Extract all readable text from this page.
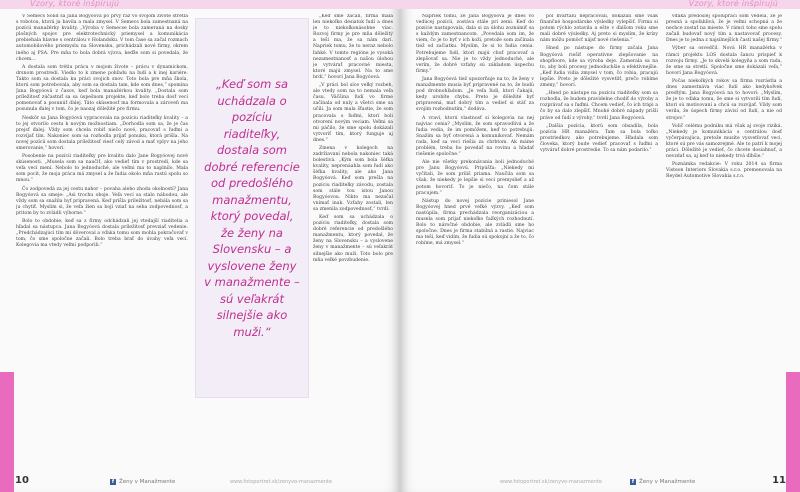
Vzory, ktoré inšpirujú

V Semecs Solid sa Jana Bogyóová po prvý raz vo svojom živote stretla s robotou, ktorá ju bavila a mala zmysel. V Semecs bola zamestnaná na pozícii manažérky kvality. „Výroba v Semecse bola zameraná na dosky plošných spojov pre elektrotechnický priemysel a komunikácia prebiehala hlavne s centrálou v Holandsku. V tom čase sa začal rozmach automobilového priemyslu na Slovensku, prichádzali nové firmy, okrem iného aj PSA. Pre mňa to bola dobrá výzva, keďže som si povedala, že chcem...

A dostala som trétiu prácu v mojom živote – prácu v dynamickom, drsnom prostredí. Viedlo to k zmene pohľadu na ľudí a k inej kariére. Takto som sa dostala ku práci svojich snov. Toto bola pre mňa škola, ktorú som potrebovala, aby som sa dostala tam, kde som dnes,“ spomína Jana Bogyóová z časov, keď bola manažérkou kvality. „Dostala som príležitosť zúčastniť sa sa úspešnom projekte, keď bolo treba dosť vecí pomenovať a posunúť ďalej. Táto skúsenosť ma formovala a zároveň ma posunula ďalej v tom, čo je naozaj dôležité pre firmu.

Neskôr sa Jana Bogyóová vypracovala na pozíciu riaditeľky kvality – a to jej otvorilo cestu k novým možnostiam. „Dorhodla som sa, že je čas prejsť ďalej. Vždy som chcela robiť niečo nové, pracovať s ľuďmi a rozvíjať tím. Nakoniec som sa rozhodla prijať ponuku, ktorá prišla. Na novej pozícii som dostala príležitosť viesť celý závod a mať vplyv na jeho smerovanie,“ hovorí.

Posobenie na pozícii riaditeľky pre kvalitu dalo Jane Bogyóovej nové skúsenosti. „Musela som sa naučiť, ako vedieť tím v prostredí, kde sa veľa vecí mení. Nebolo to jednoduché, ale veľmi ma to naplnilo. Mala som pocit, že moja práca má zmysel a že ľudia okolo mňa rastú spolu so mnou.“

Čo zodpovedá za jej cestu nahor – povaha alebo zhoda okolností? Jana Bogyóová sa smeje: „Asi trochu oboje. Veľa vecí sa stalo náhodou, ale vždy som sa snažila byť pripravená. Keď prišla príležitosť, nebála som sa ju chytiť. Myslím si, že veľa žien sa bojí vziať na seba zodpovednosť, a pritom by to zvládli výborne.“

Bolo to obdobie, keď sa z firmy odchádzali jej vtedajší riaditelia a hľadal sa nástupca. Jana Bogyóová dostala príležitosť prevziať vedenie. „Predchádzajúci tím mi dôveroval a vďaka tomu som mohla pokračovať v tom, čo sme spoločne začali. Bolo treba brať do úvahy veľa vecí. Kolegovia ma vtedy veľmi podporili.“

„Keď som sa uchádzala o pozíciu riaditeľky, dostala som dobré referencie od predošlého manažmentu, ktorý povedal, že ženy na Slovensku – a vyslovene ženy v manažmente – sú veľakrát silnejšie ako muži.“

„Keď sme začali, firma mala len niekoľko desiatok ľudí a dnes je to niekoľkonásobne viac. Rozvoj firmy je pre mňa dôležitý a teší ma, že sa nám darí. Napriek tomu, že to neraz nebolo ľahké. V tomto regióne je vysoká nezamestnanosť a našou úlohou je vytvárať pracovné miesta, ktoré majú zmysel. Na to sme hrdí,“ hovorí Jana Bogyóová.

„V práci bol síce veľký rozbeh, ale vtedy som na to nemala veľa času. Väčšina ľudí vo firme začínala od nuly a všetci sme sa učili. Ja som mala šťastie, že som pracovala s ľuďmi, ktorí boli otvorení novým veciam. Veľmi sa mi páčilo, že sme spolu dokázali vytvoriť tím, ktorý funguje aj dnes.“

Zmena v kolegoch na zadržiavaní nebola nakoniec taká bolestivá. „Kým som bola šéfka kvality, neprenáahla som ľudí ako šéfka kvality, ale ako Jana Bogyóová. Keď som prešla na pozíciu riaditeľky závodu, zostala som stále tou istou Janou Bogyóovou. Nikto ma nezačal vnímať inak. Vzťahy zostali, len sa zmenila zodpovednosť,“ tvrdí.

Keď som sa uchádzala o pozíciu riaditeľky, dostala som dobré referencie od predošlého manažmentu, ktorý povedal, že ženy na Slovensku – a vyslovene ženy v manažmente – sú veľakrát silnejšie ako muži. Toto bolo pre mňa veľké povzbudenie.

10	f Ženy v Manažmente	www.fotoportret.sk/zenyvo-manazmente
Vzory, ktoré inšpirujú

Napriek tomu, že Jana Bogyóová je dnes vo vedúcej pozícii, zostáva stále pri zemi. Keď do pozície nastupovala, dala si za úlohu zoznámiť sa s každým zamestnancom. „Povedala som im, že viem, čo je to byť v ich koži, pretože som začínala tiež od začiatku. Myslím, že si to ľudia cenia. Potrebujeme ľudí, ktorí majú chuť pracovať a zlepšovať sa. Nie je to vždy jednoduché, ale verím, že dobré vzťahy sú základom úspechu firmy.“

Jana Bogyóová tiež upozorňuje na to, že ženy v manažmente musia byť pripravené na to, že budú pod drobnohľadom. „Je veľa ľudí, ktorí čakajú, kedy urobíte chybu. Preto je dôležité byť pripravená, mať dobrý tím a vedieť si stáť za svojím rozhodnutím,“ dodáva.

A vraví, ktorú vlastnosť si kolegovia na nej najviac cenia? „Myslím, že som spravodlivá a že ľudia vedia, že im pomôžem, keď to potrebujú. Snažím sa byť otvorená a komunikovať. Nemám rada, keď sa veci riešia za chrbtom. Ak máme problém, treba ho povedať na rovinu a hľadať riešenie spoločne.“

Ale nie všetky prekonávania boli jednoduché pre Janu Bogyóovú. Pripúšťa: „Niekedy mi vyčítali, že som príliš priama. Naučila som sa však, že niekedy je lepšie si veci premyslieť a až potom hovoriť. To je niečo, na čom stále pracujem.“

Nástup do novej pozície priniesol Jane Bogyóovej hned prvé veľké výzvy. „Keď som nastúpila, firma prechádzala reorganizáciou a musela som prijať niekoľko ťažkých rozhodnutí. Bolo to náročné obdobie, ale zvládli sme ho spoločne. Dnes je firma stabilná a rastie. Najviac ma teší, keď vidím, že ľudia sú spokojní a že to, čo robíme, má zmysel.“

pol kvartálu nepracovali, dokázali sme však finančné hospodárske výsledky vylepšiť. Firma si potom rýchlo zotavila a ešte v ďalšom roku sme mali dobré výsledky. Aj preto si myslím, že krízy nám môžu pomôcť nájsť nové riešenia.“

Hned po nástupe do firmy začala Jana Bogyóová riešiť operatívne zlepšovanie na shopfloore, kde sa výroba deje. Zamerala sa na to, aby boli procesy jednoduchšie a efektívnejšie. „Keď ľudia vidia zmysel v tom, čo robia, pracujú lepšie. Preto je dôležité vysvetliť, prečo robíme zmeny,“ hovorí.

„Hned po nástupe na pozíciu riaditeľky som sa rozhodla, že budem pravidelne chodiť do výroby a rozprávať sa s ľuďmi. Chcem vedieť, čo ich trápi a čo by sa dalo zlepšiť. Mnohé dobré nápady prišli práve od ľudí z výroby,“ tvrdí Jana Bogyóová.

„Dalšia pozícia, ktorú som obsadila, bola pozícia HR manažéra. Tam sa bola toľko prostriedkov, ako potrebujeme. Hľadala som človeka, ktorý bude vedieť pracovať s ľuďmi a vytvárať dobré prostredie. To sa nám podarilo.“

vďaka predošlej spolupráci som vedela, že je presná a spoľahlivá, že je veľmi schopná a že nechce zostať na mieste. V rámci toho sme spolu začali budovať nový tím a nastavovať procesy. Dnes je to jedna z najsilnejších častí našej firmy.“

Výber sa osvedčil. Nová HR manažérka v rámci projektu LOS dostala šancu prispieť k rozvoju firmy. „Je to skvelá kolegyňa a som rada, že sme sa stretli. Spoločne sme dokázali veľa,“ hovorí Jana Bogyóová.

Počas niekoľkých rokov sa firma rozrástla a dnes zamestnáva viac ľudí ako kedykoľvek predtým. Jana Bogyóová na to hovorí: „Myslím, že je to vďaka tomu, že sme si vytvorili tím ľudí, ktorí sú motivovaní a chcú sa rozvíjať. Vždy som verila, že úspech firmy závisí od ľudí, a nie od strojov.“

Volič celému podniku má však aj svoje riziká. „Niekedy je komunikácia s centrálou dosť vyčerpávajúca, pretože musíte vysvetľovať veci, ktoré sú pre vás samozrejmé. Ale to patrí k mojej práci. Dôležité je vedieť, čo chcete dosiahnuť, a nevzdať sa, aj keď to niekedy trvá dlhšie.“

Poznámka redakcie: V roku 2014 sa firma Visteon Interiors Slovakia s.r.o. premenovala na Reydel Automotive Slovakia s.r.o.

www.fotoportret.sk/zenyvo-manazmente	f Ženy v Manažmente	11
